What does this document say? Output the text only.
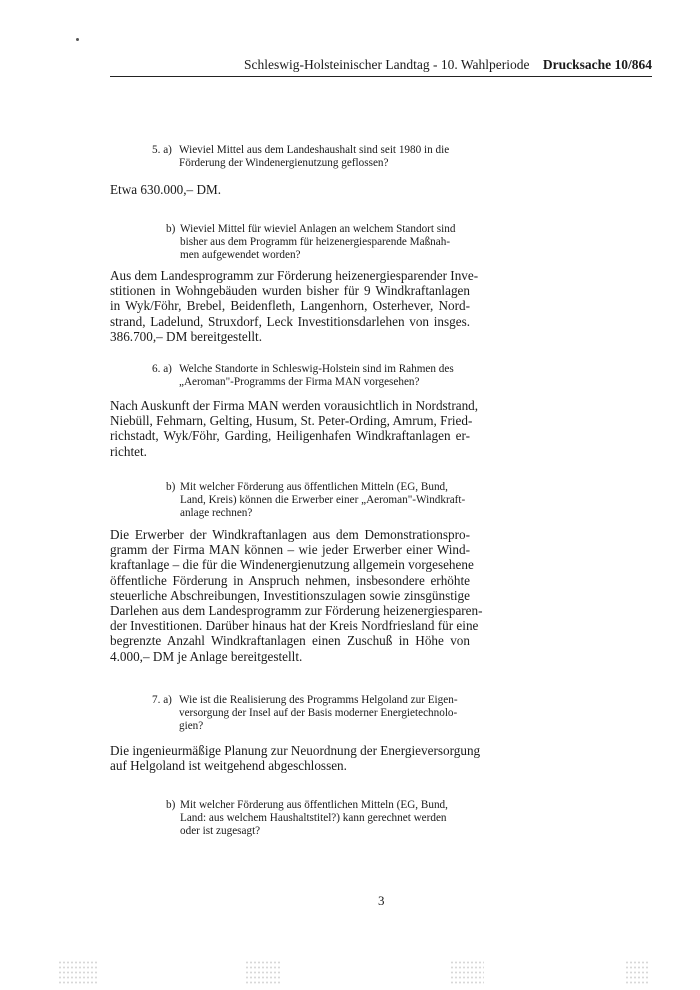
Schleswig-Holsteinischer Landtag - 10. Wahlperiode Drucksache 10/864
5. a) Wieviel Mittel aus dem Landeshaushalt sind seit 1980 in die
Förderung der Windenergienutzung geflossen?
Etwa 630.000,– DM.
b) Wieviel Mittel für wieviel Anlagen an welchem Standort sind
bisher aus dem Programm für heizenergiesparende Maßnah-
men aufgewendet worden?
Aus dem Landesprogramm zur Förderung heizenergiesparender Inve-
stitionen in Wohngebäuden wurden bisher für 9 Windkraftanlagen
in Wyk/Föhr, Brebel, Beidenfleth, Langenhorn, Osterhever, Nord-
strand, Ladelund, Struxdorf, Leck Investitionsdarlehen von insges.
386.700,– DM bereitgestellt.
6. a) Welche Standorte in Schleswig-Holstein sind im Rahmen des
„Aeroman"-Programms der Firma MAN vorgesehen?
Nach Auskunft der Firma MAN werden vorausichtlich in Nordstrand,
Niebüll, Fehmarn, Gelting, Husum, St. Peter-Ording, Amrum, Fried-
richstadt, Wyk/Föhr, Garding, Heiligenhafen Windkraftanlagen er-
richtet.
b) Mit welcher Förderung aus öffentlichen Mitteln (EG, Bund,
Land, Kreis) können die Erwerber einer „Aeroman"-Windkraft-
anlage rechnen?
Die Erwerber der Windkraftanlagen aus dem Demonstrationspro-
gramm der Firma MAN können – wie jeder Erwerber einer Wind-
kraftanlage – die für die Windenergienutzung allgemein vorgesehene
öffentliche Förderung in Anspruch nehmen, insbesondere erhöhte
steuerliche Abschreibungen, Investitionszulagen sowie zinsgünstige
Darlehen aus dem Landesprogramm zur Förderung heizenergiesparen-
der Investitionen. Darüber hinaus hat der Kreis Nordfriesland für eine
begrenzte Anzahl Windkraftanlagen einen Zuschuß in Höhe von
4.000,– DM je Anlage bereitgestellt.
7. a) Wie ist die Realisierung des Programms Helgoland zur Eigen-
versorgung der Insel auf der Basis moderner Energietechnolo-
gien?
Die ingenieurmäßige Planung zur Neuordnung der Energieversorgung
auf Helgoland ist weitgehend abgeschlossen.
b) Mit welcher Förderung aus öffentlichen Mitteln (EG, Bund,
Land: aus welchem Haushaltstitel?) kann gerechnet werden
oder ist zugesagt?
3
